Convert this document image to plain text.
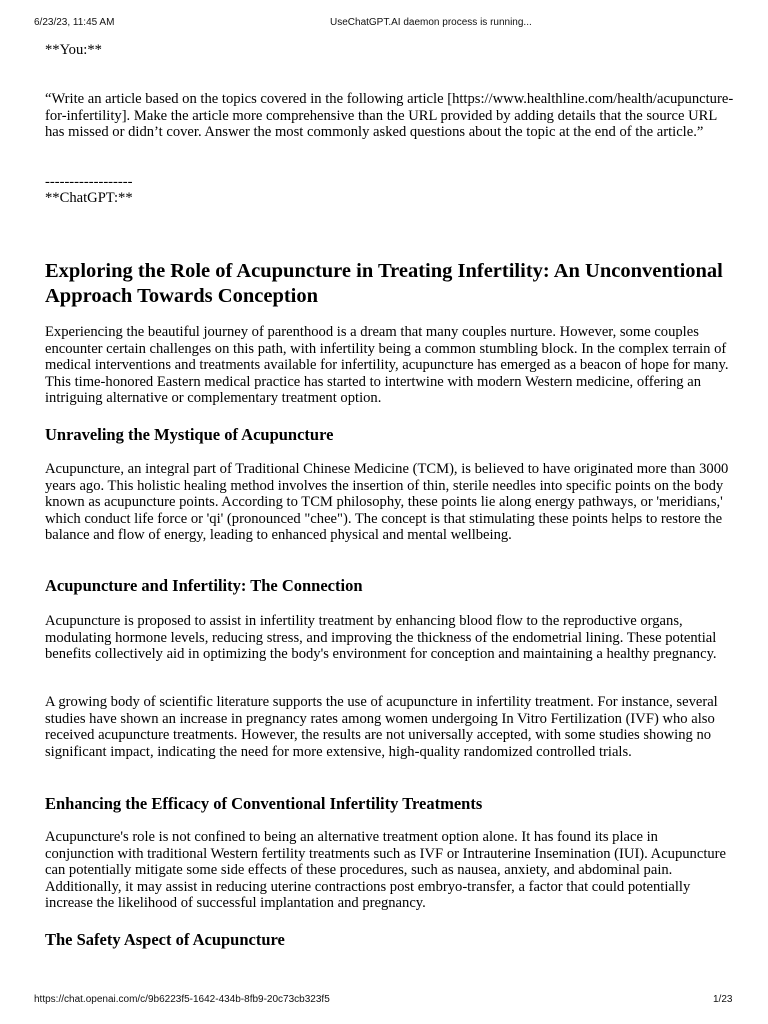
6/23/23, 11:45 AM	UseChatGPT.AI daemon process is running...
**You:**
“Write an article based on the topics covered in the following article [https://www.healthline.com/health/acupuncture-for-infertility]. Make the article more comprehensive than the URL provided by adding details that the source URL has missed or didn’t cover. Answer the most commonly asked questions about the topic at the end of the article.”
------------------
**ChatGPT:**
Exploring the Role of Acupuncture in Treating Infertility: An Unconventional Approach Towards Conception
Experiencing the beautiful journey of parenthood is a dream that many couples nurture. However, some couples encounter certain challenges on this path, with infertility being a common stumbling block. In the complex terrain of medical interventions and treatments available for infertility, acupuncture has emerged as a beacon of hope for many. This time-honored Eastern medical practice has started to intertwine with modern Western medicine, offering an intriguing alternative or complementary treatment option.
Unraveling the Mystique of Acupuncture
Acupuncture, an integral part of Traditional Chinese Medicine (TCM), is believed to have originated more than 3000 years ago. This holistic healing method involves the insertion of thin, sterile needles into specific points on the body known as acupuncture points. According to TCM philosophy, these points lie along energy pathways, or 'meridians,' which conduct life force or 'qi' (pronounced "chee"). The concept is that stimulating these points helps to restore the balance and flow of energy, leading to enhanced physical and mental wellbeing.
Acupuncture and Infertility: The Connection
Acupuncture is proposed to assist in infertility treatment by enhancing blood flow to the reproductive organs, modulating hormone levels, reducing stress, and improving the thickness of the endometrial lining. These potential benefits collectively aid in optimizing the body's environment for conception and maintaining a healthy pregnancy.
A growing body of scientific literature supports the use of acupuncture in infertility treatment. For instance, several studies have shown an increase in pregnancy rates among women undergoing In Vitro Fertilization (IVF) who also received acupuncture treatments. However, the results are not universally accepted, with some studies showing no significant impact, indicating the need for more extensive, high-quality randomized controlled trials.
Enhancing the Efficacy of Conventional Infertility Treatments
Acupuncture's role is not confined to being an alternative treatment option alone. It has found its place in conjunction with traditional Western fertility treatments such as IVF or Intrauterine Insemination (IUI). Acupuncture can potentially mitigate some side effects of these procedures, such as nausea, anxiety, and abdominal pain. Additionally, it may assist in reducing uterine contractions post embryo-transfer, a factor that could potentially increase the likelihood of successful implantation and pregnancy.
The Safety Aspect of Acupuncture
https://chat.openai.com/c/9b6223f5-1642-434b-8fb9-20c73cb323f5	1/23
